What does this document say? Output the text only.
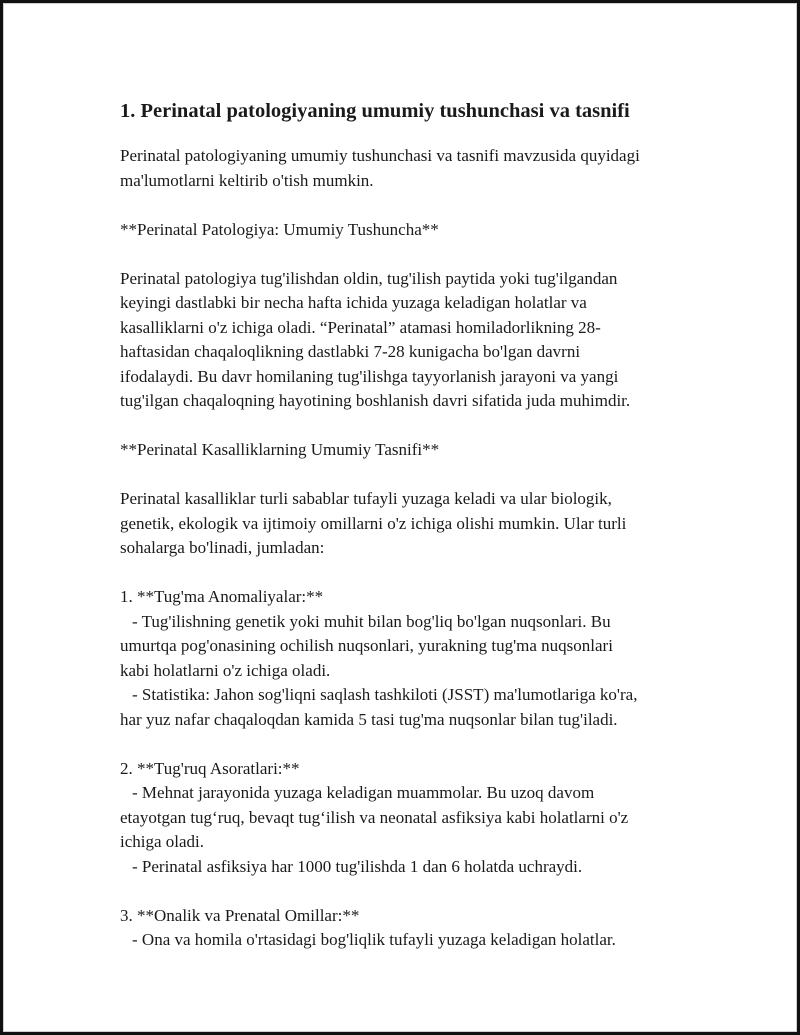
1. Perinatal patologiyaning umumiy tushunchasi va tasnifi

Perinatal patologiyaning umumiy tushunchasi va tasnifi mavzusida quyidagi

ma'lumotlarni keltirib o'tish mumkin.

**Perinatal Patologiya: Umumiy Tushuncha**

Perinatal patologiya tug'ilishdan oldin, tug'ilish paytida yoki tug'ilgandan

keyingi dastlabki bir necha hafta ichida yuzaga keladigan holatlar va

kasalliklarni o'z ichiga oladi. “Perinatal” atamasi homiladorlikning 28-

haftasidan chaqaloqlikning dastlabki 7-28 kunigacha bo'lgan davrni

ifodalaydi. Bu davr homilaning tug'ilishga tayyorlanish jarayoni va yangi

tug'ilgan chaqaloqning hayotining boshlanish davri sifatida juda muhimdir.

**Perinatal Kasalliklarning Umumiy Tasnifi**

Perinatal kasalliklar turli sabablar tufayli yuzaga keladi va ular biologik,

genetik, ekologik va ijtimoiy omillarni o'z ichiga olishi mumkin. Ular turli

sohalarga bo'linadi, jumladan:

1. **Tug'ma Anomaliyalar:**

- Tug'ilishning genetik yoki muhit bilan bog'liq bo'lgan nuqsonlari. Bu

umurtqa pog'onasining ochilish nuqsonlari, yurakning tug'ma nuqsonlari

kabi holatlarni o'z ichiga oladi.

- Statistika: Jahon sog'liqni saqlash tashkiloti (JSST) ma'lumotlariga ko'ra,

har yuz nafar chaqaloqdan kamida 5 tasi tug'ma nuqsonlar bilan tug'iladi.

2. **Tug'ruq Asoratlari:**

- Mehnat jarayonida yuzaga keladigan muammolar. Bu uzoq davom

etayotgan tug‘ruq, bevaqt tug‘ilish va neonatal asfiksiya kabi holatlarni o'z

ichiga oladi.

- Perinatal asfiksiya har 1000 tug'ilishda 1 dan 6 holatda uchraydi.

3. **Onalik va Prenatal Omillar:**

- Ona va homila o'rtasidagi bog'liqlik tufayli yuzaga keladigan holatlar.
